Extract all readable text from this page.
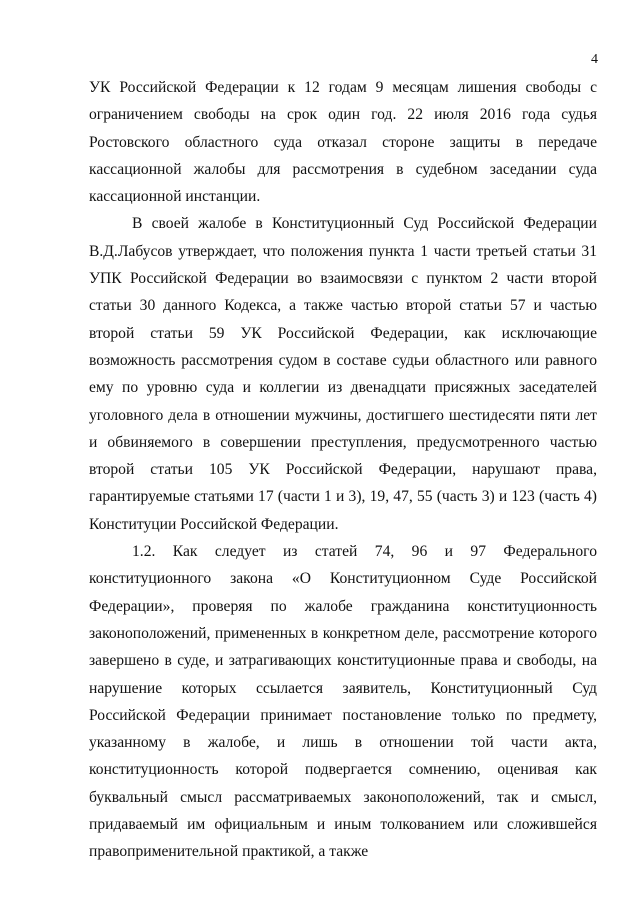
4

УК Российской Федерации к 12 годам 9 месяцам лишения свободы с ограничением свободы на срок один год. 22 июля 2016 года судья Ростовского областного суда отказал стороне защиты в передаче кассационной жалобы для рассмотрения в судебном заседании суда кассационной инстанции.

В своей жалобе в Конституционный Суд Российской Федерации В.Д.Лабусов утверждает, что положения пункта 1 части третьей статьи 31 УПК Российской Федерации во взаимосвязи с пунктом 2 части второй статьи 30 данного Кодекса, а также частью второй статьи 57 и частью второй статьи 59 УК Российской Федерации, как исключающие возможность рассмотрения судом в составе судьи областного или равного ему по уровню суда и коллегии из двенадцати присяжных заседателей уголовного дела в отношении мужчины, достигшего шестидесяти пяти лет и обвиняемого в совершении преступления, предусмотренного частью второй статьи 105 УК Российской Федерации, нарушают права, гарантируемые статьями 17 (части 1 и 3), 19, 47, 55 (часть 3) и 123 (часть 4) Конституции Российской Федерации.

1.2. Как следует из статей 74, 96 и 97 Федерального конституционного закона «О Конституционном Суде Российской Федерации», проверяя по жалобе гражданина конституционность законоположений, примененных в конкретном деле, рассмотрение которого завершено в суде, и затрагивающих конституционные права и свободы, на нарушение которых ссылается заявитель, Конституционный Суд Российской Федерации принимает постановление только по предмету, указанному в жалобе, и лишь в отношении той части акта, конституционность которой подвергается сомнению, оценивая как буквальный смысл рассматриваемых законоположений, так и смысл, придаваемый им официальным и иным толкованием или сложившейся правоприменительной практикой, а также
